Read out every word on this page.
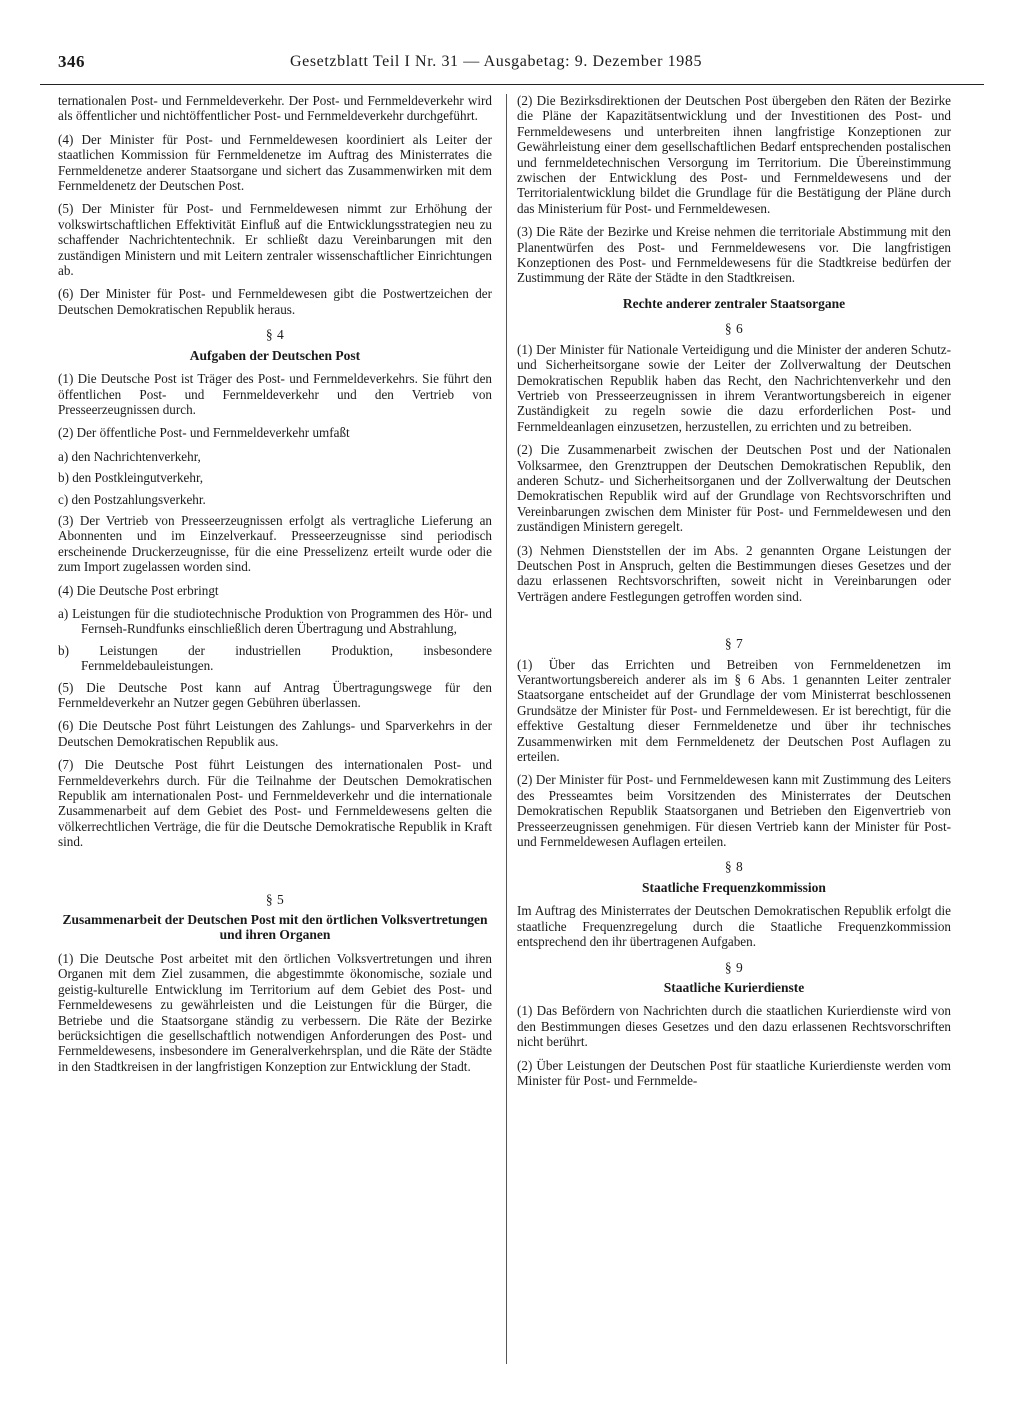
346	Gesetzblatt Teil I Nr. 31 — Ausgabetag: 9. Dezember 1985

ternationalen Post- und Fernmeldeverkehr. Der Post- und Fernmeldeverkehr wird als öffentlicher und nichtöffentlicher Post- und Fernmeldeverkehr durchgeführt.

(4) Der Minister für Post- und Fernmeldewesen koordiniert als Leiter der staatlichen Kommission für Fernmeldenetze im Auftrag des Ministerrates die Fernmeldenetze anderer Staatsorgane und sichert das Zusammenwirken mit dem Fernmeldenetz der Deutschen Post.

(5) Der Minister für Post- und Fernmeldewesen nimmt zur Erhöhung der volkswirtschaftlichen Effektivität Einfluß auf die Entwicklungsstrategien neu zu schaffender Nachrichtentechnik. Er schließt dazu Vereinbarungen mit den zuständigen Ministern und mit Leitern zentraler wissenschaftlicher Einrichtungen ab.

(6) Der Minister für Post- und Fernmeldewesen gibt die Postwertzeichen der Deutschen Demokratischen Republik heraus.

§ 4
Aufgaben der Deutschen Post

(1) Die Deutsche Post ist Träger des Post- und Fernmeldeverkehrs. Sie führt den öffentlichen Post- und Fernmeldeverkehr und den Vertrieb von Presseerzeugnissen durch.

(2) Der öffentliche Post- und Fernmeldeverkehr umfaßt

a) den Nachrichtenverkehr,

b) den Postkleingutverkehr,

c) den Postzahlungsverkehr.

(3) Der Vertrieb von Presseerzeugnissen erfolgt als vertragliche Lieferung an Abonnenten und im Einzelverkauf. Presseerzeugnisse sind periodisch erscheinende Druckerzeugnisse, für die eine Presselizenz erteilt wurde oder die zum Import zugelassen worden sind.

(4) Die Deutsche Post erbringt

a) Leistungen für die studiotechnische Produktion von Programmen des Hör- und Fernseh-Rundfunks einschließlich deren Übertragung und Abstrahlung,

b) Leistungen der industriellen Produktion, insbesondere Fernmeldebauleistungen.

(5) Die Deutsche Post kann auf Antrag Übertragungswege für den Fernmeldeverkehr an Nutzer gegen Gebühren überlassen.

(6) Die Deutsche Post führt Leistungen des Zahlungs- und Sparverkehrs in der Deutschen Demokratischen Republik aus.

(7) Die Deutsche Post führt Leistungen des internationalen Post- und Fernmeldeverkehrs durch. Für die Teilnahme der Deutschen Demokratischen Republik am internationalen Post- und Fernmeldeverkehr und die internationale Zusammenarbeit auf dem Gebiet des Post- und Fernmeldewesens gelten die völkerrechtlichen Verträge, die für die Deutsche Demokratische Republik in Kraft sind.

§ 5
Zusammenarbeit der Deutschen Post mit den örtlichen Volksvertretungen und ihren Organen

(1) Die Deutsche Post arbeitet mit den örtlichen Volksvertretungen und ihren Organen mit dem Ziel zusammen, die abgestimmte ökonomische, soziale und geistig-kulturelle Entwicklung im Territorium auf dem Gebiet des Post- und Fernmeldewesens zu gewährleisten und die Leistungen für die Bürger, die Betriebe und die Staatsorgane ständig zu verbessern. Die Räte der Bezirke berücksichtigen die gesellschaftlich notwendigen Anforderungen des Post- und Fernmeldewesens, insbesondere im Generalverkehrsplan, und die Räte der Städte in den Stadtkreisen in der langfristigen Konzeption zur Entwicklung der Stadt.

(2) Die Bezirksdirektionen der Deutschen Post übergeben den Räten der Bezirke die Pläne der Kapazitätsentwicklung und der Investitionen des Post- und Fernmeldewesens und unterbreiten ihnen langfristige Konzeptionen zur Gewährleistung einer dem gesellschaftlichen Bedarf entsprechenden postalischen und fernmeldetechnischen Versorgung im Territorium. Die Übereinstimmung zwischen der Entwicklung des Post- und Fernmeldewesens und der Territorialentwicklung bildet die Grundlage für die Bestätigung der Pläne durch das Ministerium für Post- und Fernmeldewesen.

(3) Die Räte der Bezirke und Kreise nehmen die territoriale Abstimmung mit den Planentwürfen des Post- und Fernmeldewesens vor. Die langfristigen Konzeptionen des Post- und Fernmeldewesens für die Stadtkreise bedürfen der Zustimmung der Räte der Städte in den Stadtkreisen.

Rechte anderer zentraler Staatsorgane
§ 6

(1) Der Minister für Nationale Verteidigung und die Minister der anderen Schutz- und Sicherheitsorgane sowie der Leiter der Zollverwaltung der Deutschen Demokratischen Republik haben das Recht, den Nachrichtenverkehr und den Vertrieb von Presseerzeugnissen in ihrem Verantwortungsbereich in eigener Zuständigkeit zu regeln sowie die dazu erforderlichen Post- und Fernmeldeanlagen einzusetzen, herzustellen, zu errichten und zu betreiben.

(2) Die Zusammenarbeit zwischen der Deutschen Post und der Nationalen Volksarmee, den Grenztruppen der Deutschen Demokratischen Republik, den anderen Schutz- und Sicherheitsorganen und der Zollverwaltung der Deutschen Demokratischen Republik wird auf der Grundlage von Rechtsvorschriften und Vereinbarungen zwischen dem Minister für Post- und Fernmeldewesen und den zuständigen Ministern geregelt.

(3) Nehmen Dienststellen der im Abs. 2 genannten Organe Leistungen der Deutschen Post in Anspruch, gelten die Bestimmungen dieses Gesetzes und der dazu erlassenen Rechtsvorschriften, soweit nicht in Vereinbarungen oder Verträgen andere Festlegungen getroffen worden sind.

§ 7

(1) Über das Errichten und Betreiben von Fernmeldenetzen im Verantwortungsbereich anderer als im § 6 Abs. 1 genannten Leiter zentraler Staatsorgane entscheidet auf der Grundlage der vom Ministerrat beschlossenen Grundsätze der Minister für Post- und Fernmeldewesen. Er ist berechtigt, für die effektive Gestaltung dieser Fernmeldenetze und über ihr technisches Zusammenwirken mit dem Fernmeldenetz der Deutschen Post Auflagen zu erteilen.

(2) Der Minister für Post- und Fernmeldewesen kann mit Zustimmung des Leiters des Presseamtes beim Vorsitzenden des Ministerrates der Deutschen Demokratischen Republik Staatsorganen und Betrieben den Eigenvertrieb von Presseerzeugnissen genehmigen. Für diesen Vertrieb kann der Minister für Post- und Fernmeldewesen Auflagen erteilen.

§ 8
Staatliche Frequenzkommission

Im Auftrag des Ministerrates der Deutschen Demokratischen Republik erfolgt die staatliche Frequenzregelung durch die Staatliche Frequenzkommission entsprechend den ihr übertragenen Aufgaben.

§ 9
Staatliche Kurierdienste

(1) Das Befördern von Nachrichten durch die staatlichen Kurierdienste wird von den Bestimmungen dieses Gesetzes und den dazu erlassenen Rechtsvorschriften nicht berührt.

(2) Über Leistungen der Deutschen Post für staatliche Kurierdienste werden vom Minister für Post- und Fernmelde-
